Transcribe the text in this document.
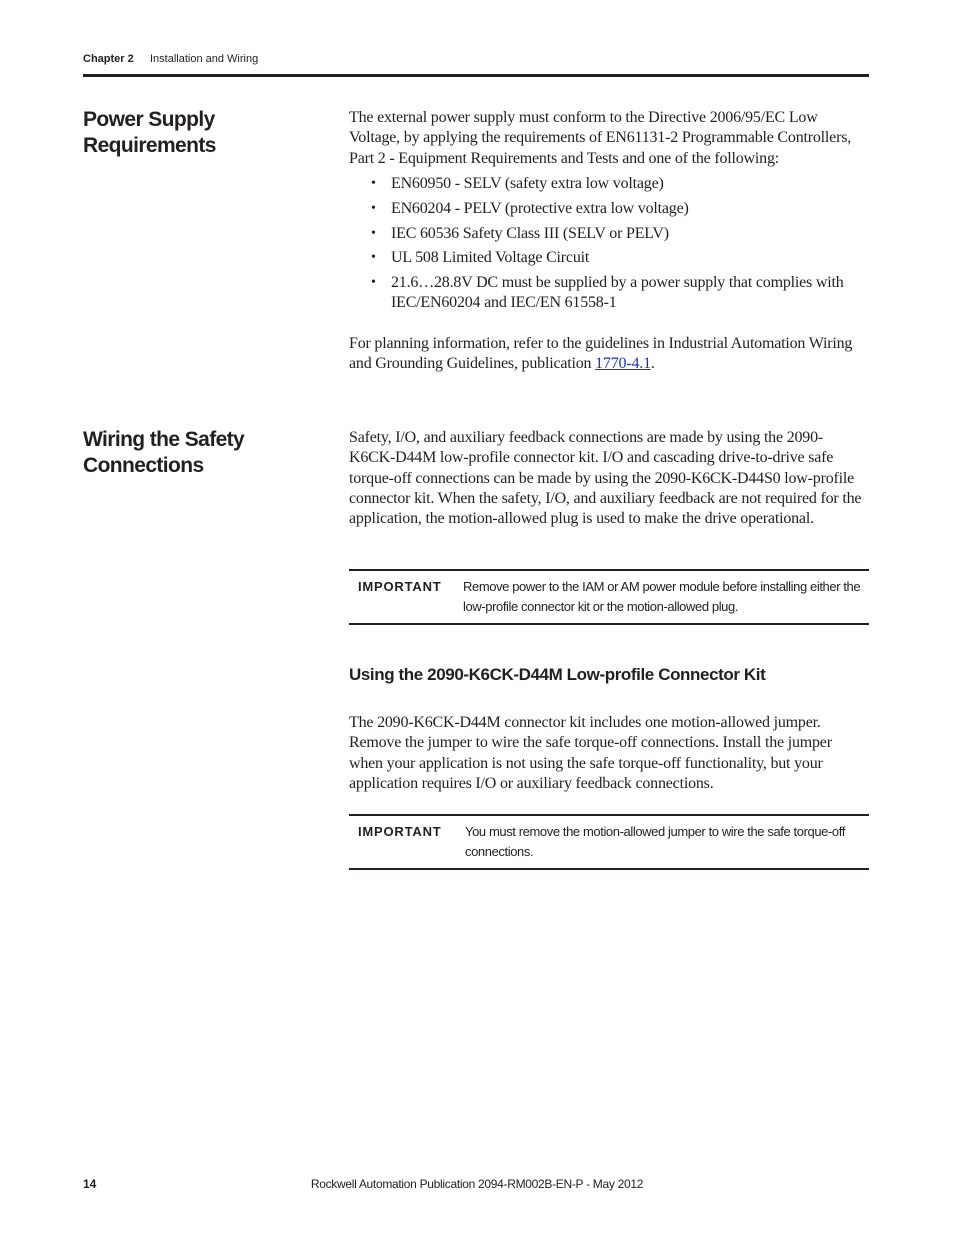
Chapter 2 Installation and Wiring
Power Supply Requirements

The external power supply must conform to the Directive 2006/95/EC Low Voltage, by applying the requirements of EN61131-2 Programmable Controllers, Part 2 - Equipment Requirements and Tests and one of the following:

• EN60950 - SELV (safety extra low voltage)
• EN60204 - PELV (protective extra low voltage)
• IEC 60536 Safety Class III (SELV or PELV)
• UL 508 Limited Voltage Circuit
• 21.6…28.8V DC must be supplied by a power supply that complies with IEC/EN60204 and IEC/EN 61558-1

For planning information, refer to the guidelines in Industrial Automation Wiring and Grounding Guidelines, publication 1770-4.1.

Wiring the Safety
Connections

Safety, I/O, and auxiliary feedback connections are made by using the 2090-K6CK-D44M low-profile connector kit. I/O and cascading drive-to-drive safe torque-off connections can be made by using the 2090-K6CK-D44S0 low-profile connector kit. When the safety, I/O, and auxiliary feedback are not required for the application, the motion-allowed plug is used to make the drive operational.

IMPORTANT Remove power to the IAM or AM power module before installing either the low-profile connector kit or the motion-allowed plug.
Using the 2090-K6CK-D44M Low-profile Connector Kit

The 2090-K6CK-D44M connector kit includes one motion-allowed jumper. Remove the jumper to wire the safe torque-off connections. Install the jumper when your application is not using the safe torque-off functionality, but your application requires I/O or auxiliary feedback connections.

IMPORTANT You must remove the motion-allowed jumper to wire the safe torque-off connections.
14	Rockwell Automation Publication 2094-RM002B-EN-P - May 2012
